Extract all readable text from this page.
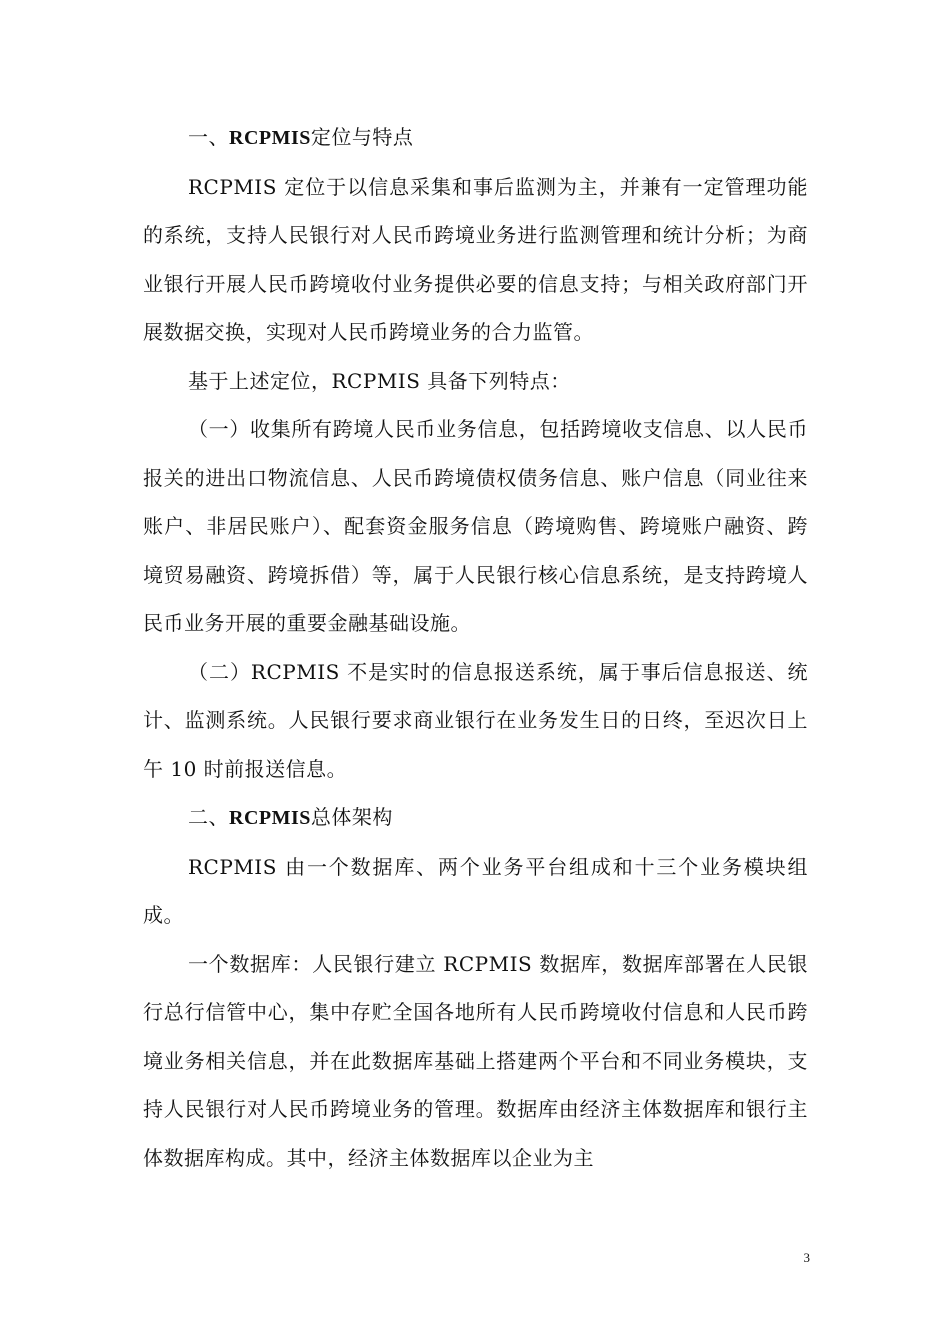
一、RCPMIS定位与特点

RCPMIS 定位于以信息采集和事后监测为主，并兼有一定管理功能的系统，支持人民银行对人民币跨境业务进行监测管理和统计分析；为商业银行开展人民币跨境收付业务提供必要的信息支持；与相关政府部门开展数据交换，实现对人民币跨境业务的合力监管。

基于上述定位，RCPMIS 具备下列特点：

（一）收集所有跨境人民币业务信息，包括跨境收支信息、以人民币报关的进出口物流信息、人民币跨境债权债务信息、账户信息（同业往来账户、非居民账户）、配套资金服务信息（跨境购售、跨境账户融资、跨境贸易融资、跨境拆借）等，属于人民银行核心信息系统，是支持跨境人民币业务开展的重要金融基础设施。

（二）RCPMIS 不是实时的信息报送系统，属于事后信息报送、统计、监测系统。人民银行要求商业银行在业务发生日的日终，至迟次日上午 10 时前报送信息。

二、RCPMIS总体架构

RCPMIS 由一个数据库、两个业务平台组成和十三个业务模块组成。

一个数据库：人民银行建立 RCPMIS 数据库，数据库部署在人民银行总行信管中心，集中存贮全国各地所有人民币跨境收付信息和人民币跨境业务相关信息，并在此数据库基础上搭建两个平台和不同业务模块，支持人民银行对人民币跨境业务的管理。数据库由经济主体数据库和银行主体数据库构成。其中，经济主体数据库以企业为主

3
